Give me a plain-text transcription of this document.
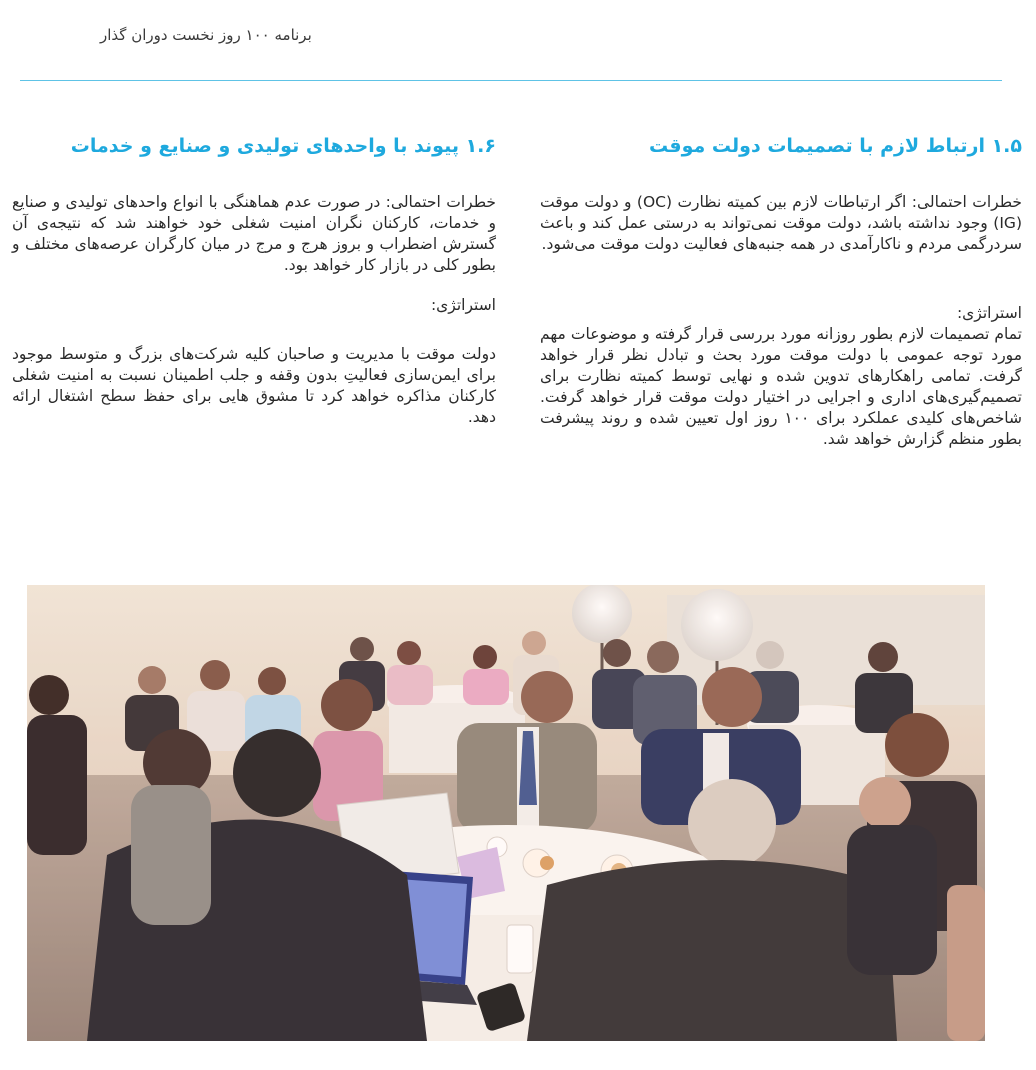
برنامه ۱۰۰ روز نخست دوران گذار
۱.۵ ارتباط لازم با تصمیمات دولت موقت

خطرات احتمالی: اگر ارتباطات لازم بین کمیته نظارت (OC) و دولت موقت (IG) وجود نداشته باشد، دولت موقت نمی‌تواند به درستی عمل کند و باعث سردرگمی مردم و ناکارآمدی در همه جنبه‌های فعالیت دولت موقت می‌شود.

استراتژی:

تمام تصمیمات لازم بطور روزانه مورد بررسی قرار گرفته و موضوعات مهم مورد توجه عمومی با دولت موقت مورد بحث و تبادل نظر قرار خواهد گرفت. تمامی راهکارهای تدوین شده و نهایی توسط کمیته نظارت برای تصمیم‌گیری‌های اداری و اجرایی در اختیار دولت موقت قرار خواهد گرفت. شاخص‌های کلیدی عملکرد برای ۱۰۰ روز اول تعیین شده و روند پیشرفت بطور منظم گزارش خواهد شد.

۱.۶ پیوند با واحدهای تولیدی و صنایع و خدمات

خطرات احتمالی: در صورت عدم هماهنگی با انواع واحدهای تولیدی و صنایع و خدمات، کارکنان نگران امنیت شغلی خود خواهند شد که نتیجه‌ی آن گسترش اضطراب و بروز هرج و مرج در میان کارگران عرصه‌های مختلف و بطور کلی در بازار کار خواهد بود.

استراتژی:

دولت موقت با مدیریت و صاحبان کلیه شرکت‌های بزرگ و متوسط موجود برای ایمن‌سازی فعالیتِ بدون وقفه و جلب اطمینان نسبت به امنیت شغلی کارکنان مذاکره خواهد کرد تا مشوق هایی برای حفظ سطح اشتغال ارائه دهد.
